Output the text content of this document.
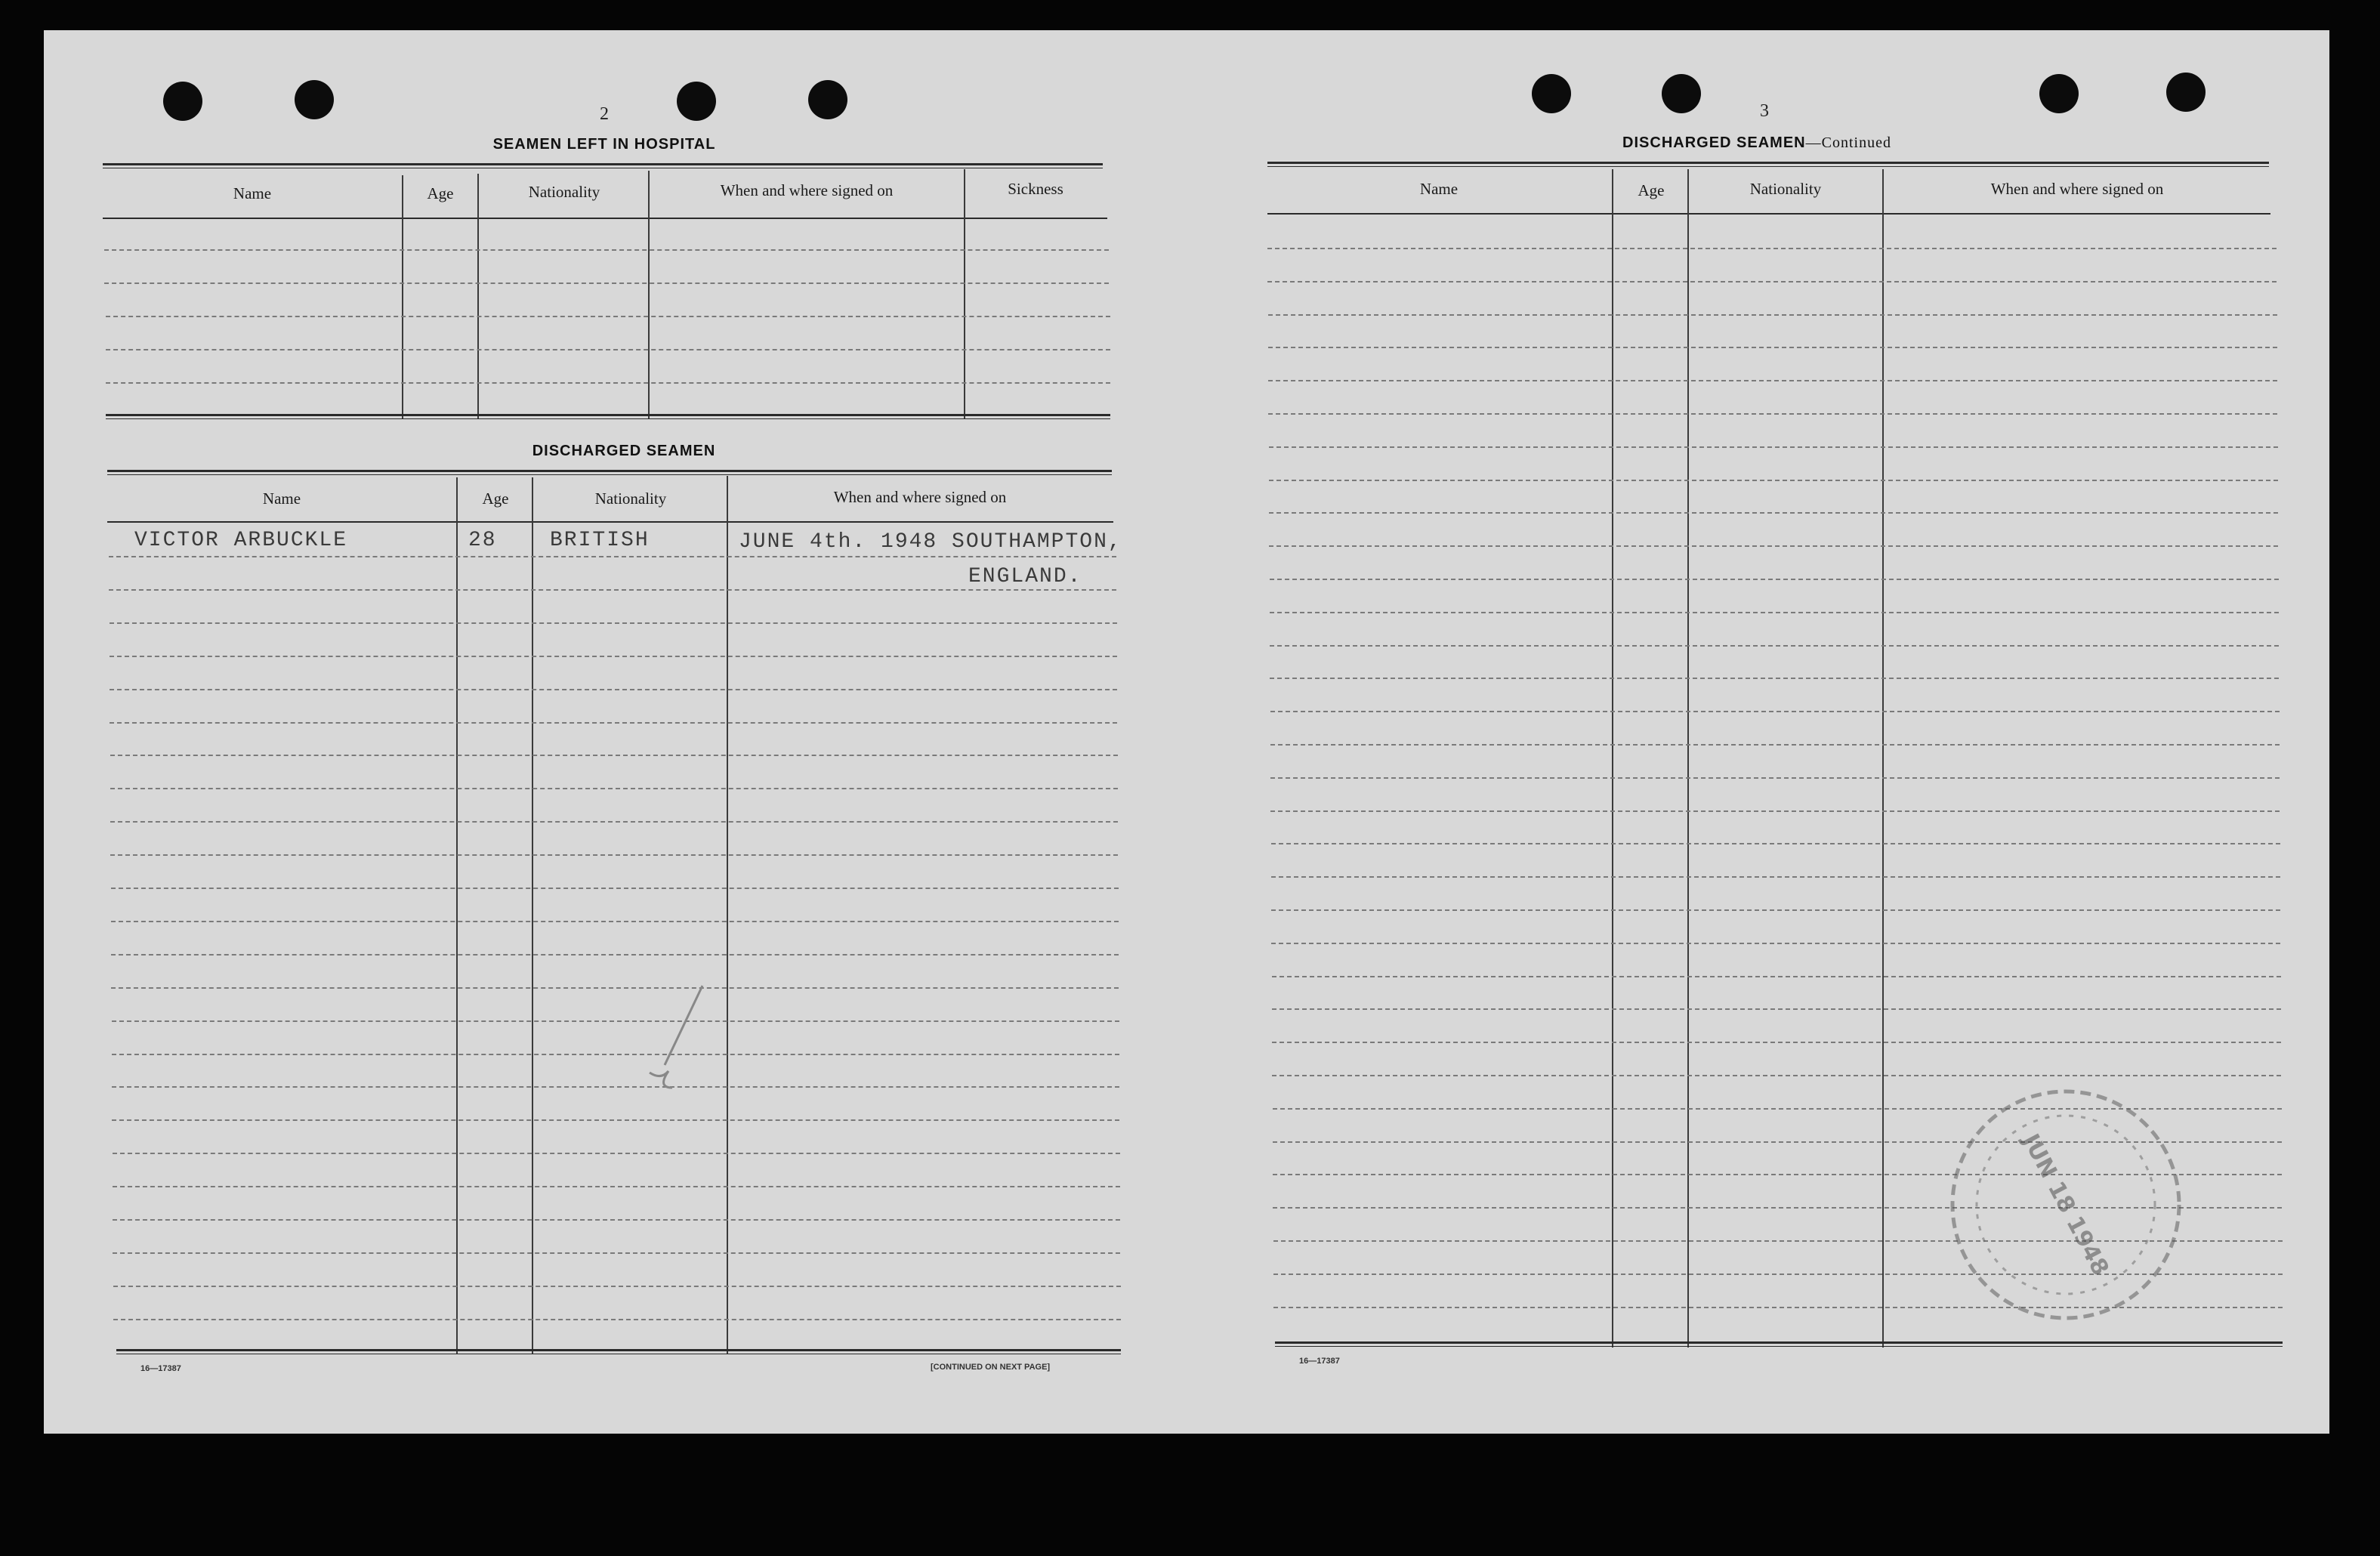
2
SEAMEN LEFT IN HOSPITAL
Name	Age	Nationality	When and where signed on	Sickness
DISCHARGED SEAMEN
Name	Age	Nationality	When and where signed on
VICTOR ARBUCKLE	28	BRITISH	JUNE 4th. 1948 SOUTHAMPTON,
ENGLAND.
16—17387	[CONTINUED ON NEXT PAGE]
3
DISCHARGED SEAMEN—Continued
Name	Age	Nationality	When and where signed on
16—17387
JUN 18 1948
